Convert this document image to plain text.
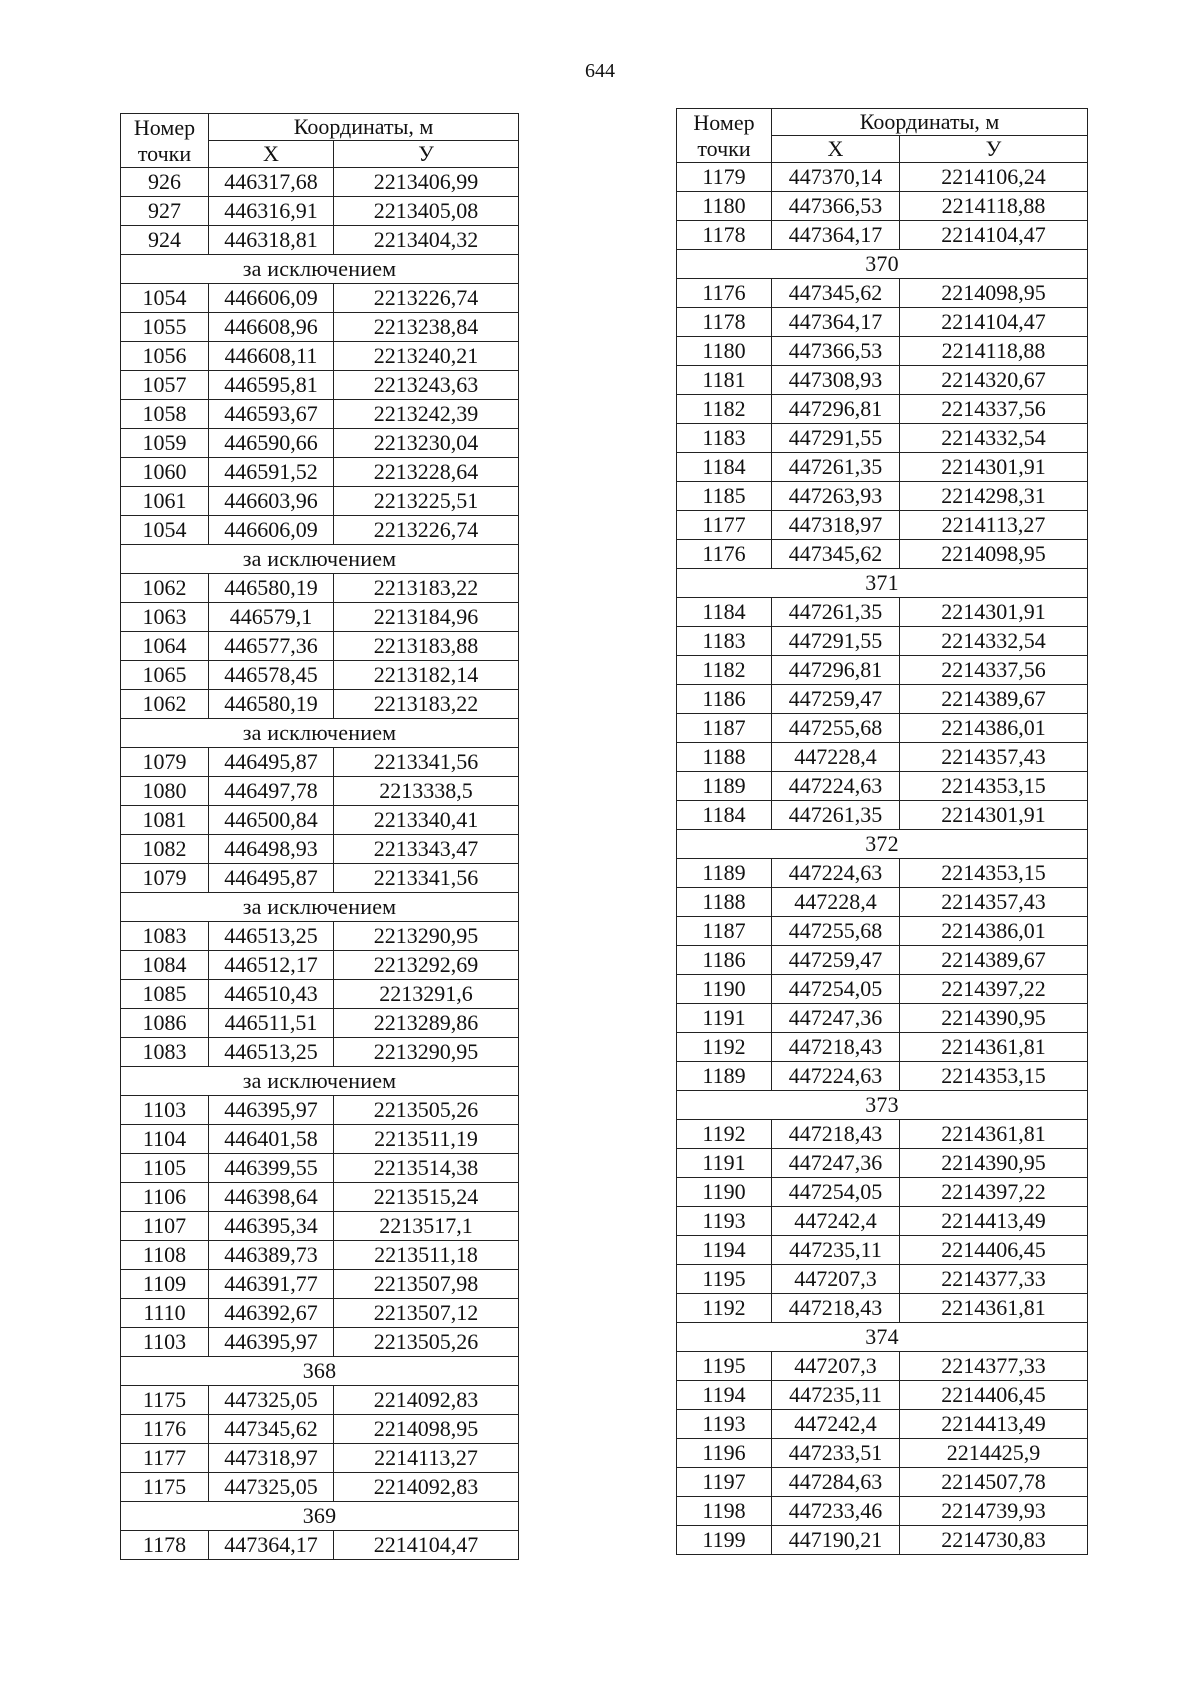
644
Номер точки	Координаты, м	
	Х	У
926	446317,68	2213406,99
927	446316,91	2213405,08
924	446318,81	2213404,32
за исключением		
1054	446606,09	2213226,74
1055	446608,96	2213238,84
1056	446608,11	2213240,21
1057	446595,81	2213243,63
1058	446593,67	2213242,39
1059	446590,66	2213230,04
1060	446591,52	2213228,64
1061	446603,96	2213225,51
1054	446606,09	2213226,74
за исключением		
1062	446580,19	2213183,22
1063	446579,1	2213184,96
1064	446577,36	2213183,88
1065	446578,45	2213182,14
1062	446580,19	2213183,22
за исключением		
1079	446495,87	2213341,56
1080	446497,78	2213338,5
1081	446500,84	2213340,41
1082	446498,93	2213343,47
1079	446495,87	2213341,56
за исключением		
1083	446513,25	2213290,95
1084	446512,17	2213292,69
1085	446510,43	2213291,6
1086	446511,51	2213289,86
1083	446513,25	2213290,95
за исключением		
1103	446395,97	2213505,26
1104	446401,58	2213511,19
1105	446399,55	2213514,38
1106	446398,64	2213515,24
1107	446395,34	2213517,1
1108	446389,73	2213511,18
1109	446391,77	2213507,98
1110	446392,67	2213507,12
1103	446395,97	2213505,26
368		
1175	447325,05	2214092,83
1176	447345,62	2214098,95
1177	447318,97	2214113,27
1175	447325,05	2214092,83
369		
1178	447364,17	2214104,47
Номер точки	Координаты, м	
	Х	У
1179	447370,14	2214106,24
1180	447366,53	2214118,88
1178	447364,17	2214104,47
370		
1176	447345,62	2214098,95
1178	447364,17	2214104,47
1180	447366,53	2214118,88
1181	447308,93	2214320,67
1182	447296,81	2214337,56
1183	447291,55	2214332,54
1184	447261,35	2214301,91
1185	447263,93	2214298,31
1177	447318,97	2214113,27
1176	447345,62	2214098,95
371		
1184	447261,35	2214301,91
1183	447291,55	2214332,54
1182	447296,81	2214337,56
1186	447259,47	2214389,67
1187	447255,68	2214386,01
1188	447228,4	2214357,43
1189	447224,63	2214353,15
1184	447261,35	2214301,91
372		
1189	447224,63	2214353,15
1188	447228,4	2214357,43
1187	447255,68	2214386,01
1186	447259,47	2214389,67
1190	447254,05	2214397,22
1191	447247,36	2214390,95
1192	447218,43	2214361,81
1189	447224,63	2214353,15
373		
1192	447218,43	2214361,81
1191	447247,36	2214390,95
1190	447254,05	2214397,22
1193	447242,4	2214413,49
1194	447235,11	2214406,45
1195	447207,3	2214377,33
1192	447218,43	2214361,81
374		
1195	447207,3	2214377,33
1194	447235,11	2214406,45
1193	447242,4	2214413,49
1196	447233,51	2214425,9
1197	447284,63	2214507,78
1198	447233,46	2214739,93
1199	447190,21	2214730,83
